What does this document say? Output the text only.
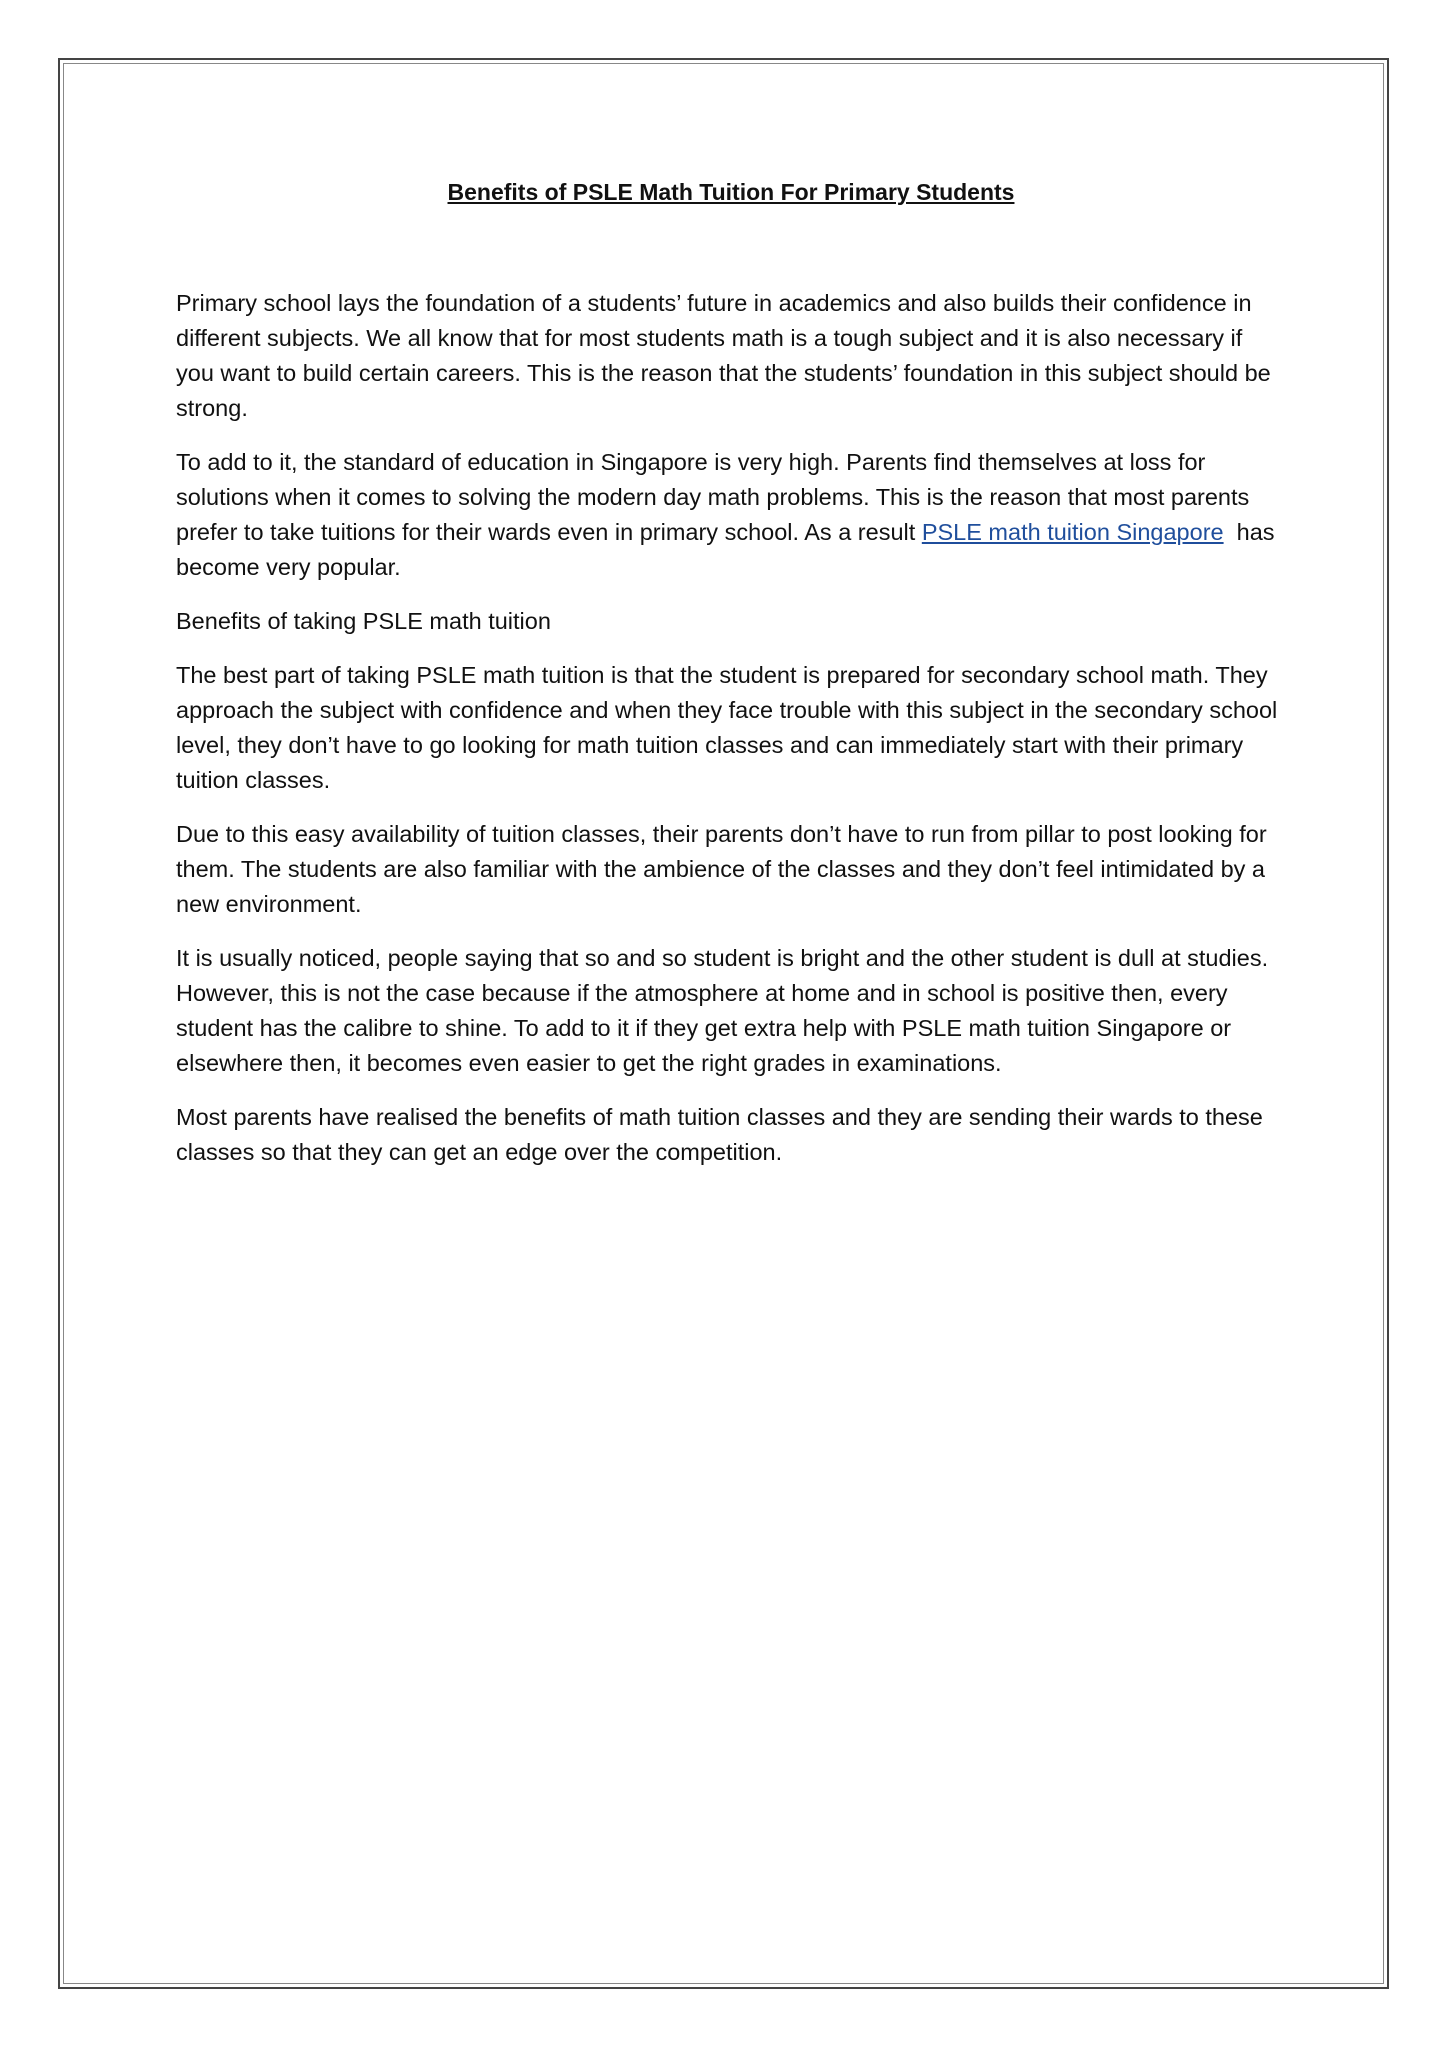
Benefits of PSLE Math Tuition For Primary Students

Primary school lays the foundation of a students’ future in academics and also builds their confidence in different subjects. We all know that for most students math is a tough subject and it is also necessary if you want to build certain careers. This is the reason that the students’ foundation in this subject should be strong.

To add to it, the standard of education in Singapore is very high. Parents find themselves at loss for solutions when it comes to solving the modern day math problems. This is the reason that most parents prefer to take tuitions for their wards even in primary school. As a result PSLE math tuition Singapore  has become very popular.

Benefits of taking PSLE math tuition

The best part of taking PSLE math tuition is that the student is prepared for secondary school math. They approach the subject with confidence and when they face trouble with this subject in the secondary school level, they don’t have to go looking for math tuition classes and can immediately start with their primary tuition classes.

Due to this easy availability of tuition classes, their parents don’t have to run from pillar to post looking for them. The students are also familiar with the ambience of the classes and they don’t feel intimidated by a new environment.

It is usually noticed, people saying that so and so student is bright and the other student is dull at studies. However, this is not the case because if the atmosphere at home and in school is positive then, every student has the calibre to shine. To add to it if they get extra help with PSLE math tuition Singapore or elsewhere then, it becomes even easier to get the right grades in examinations.

Most parents have realised the benefits of math tuition classes and they are sending their wards to these classes so that they can get an edge over the competition.
